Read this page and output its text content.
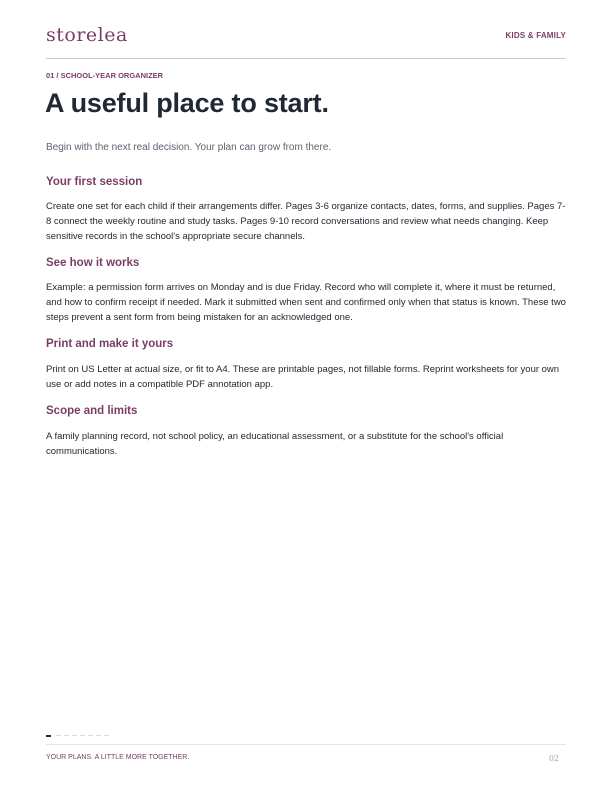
storelea	KIDS & FAMILY
01 / SCHOOL-YEAR ORGANIZER
A useful place to start.
Begin with the next real decision. Your plan can grow from there.
Your first session

Create one set for each child if their arrangements differ. Pages 3-6 organize contacts, dates, forms, and supplies. Pages 7-8 connect the weekly routine and study tasks. Pages 9-10 record conversations and review what needs changing. Keep sensitive records in the school's appropriate secure channels.

See how it works

Example: a permission form arrives on Monday and is due Friday. Record who will complete it, where it must be returned, and how to confirm receipt if needed. Mark it submitted when sent and confirmed only when that status is known. These two steps prevent a sent form from being mistaken for an acknowledged one.

Print and make it yours

Print on US Letter at actual size, or fit to A4. These are printable pages, not fillable forms. Reprint worksheets for your own use or add notes in a compatible PDF annotation app.

Scope and limits

A family planning record, not school policy, an educational assessment, or a substitute for the school's official communications.

YOUR PLANS. A LITTLE MORE TOGETHER.	02
